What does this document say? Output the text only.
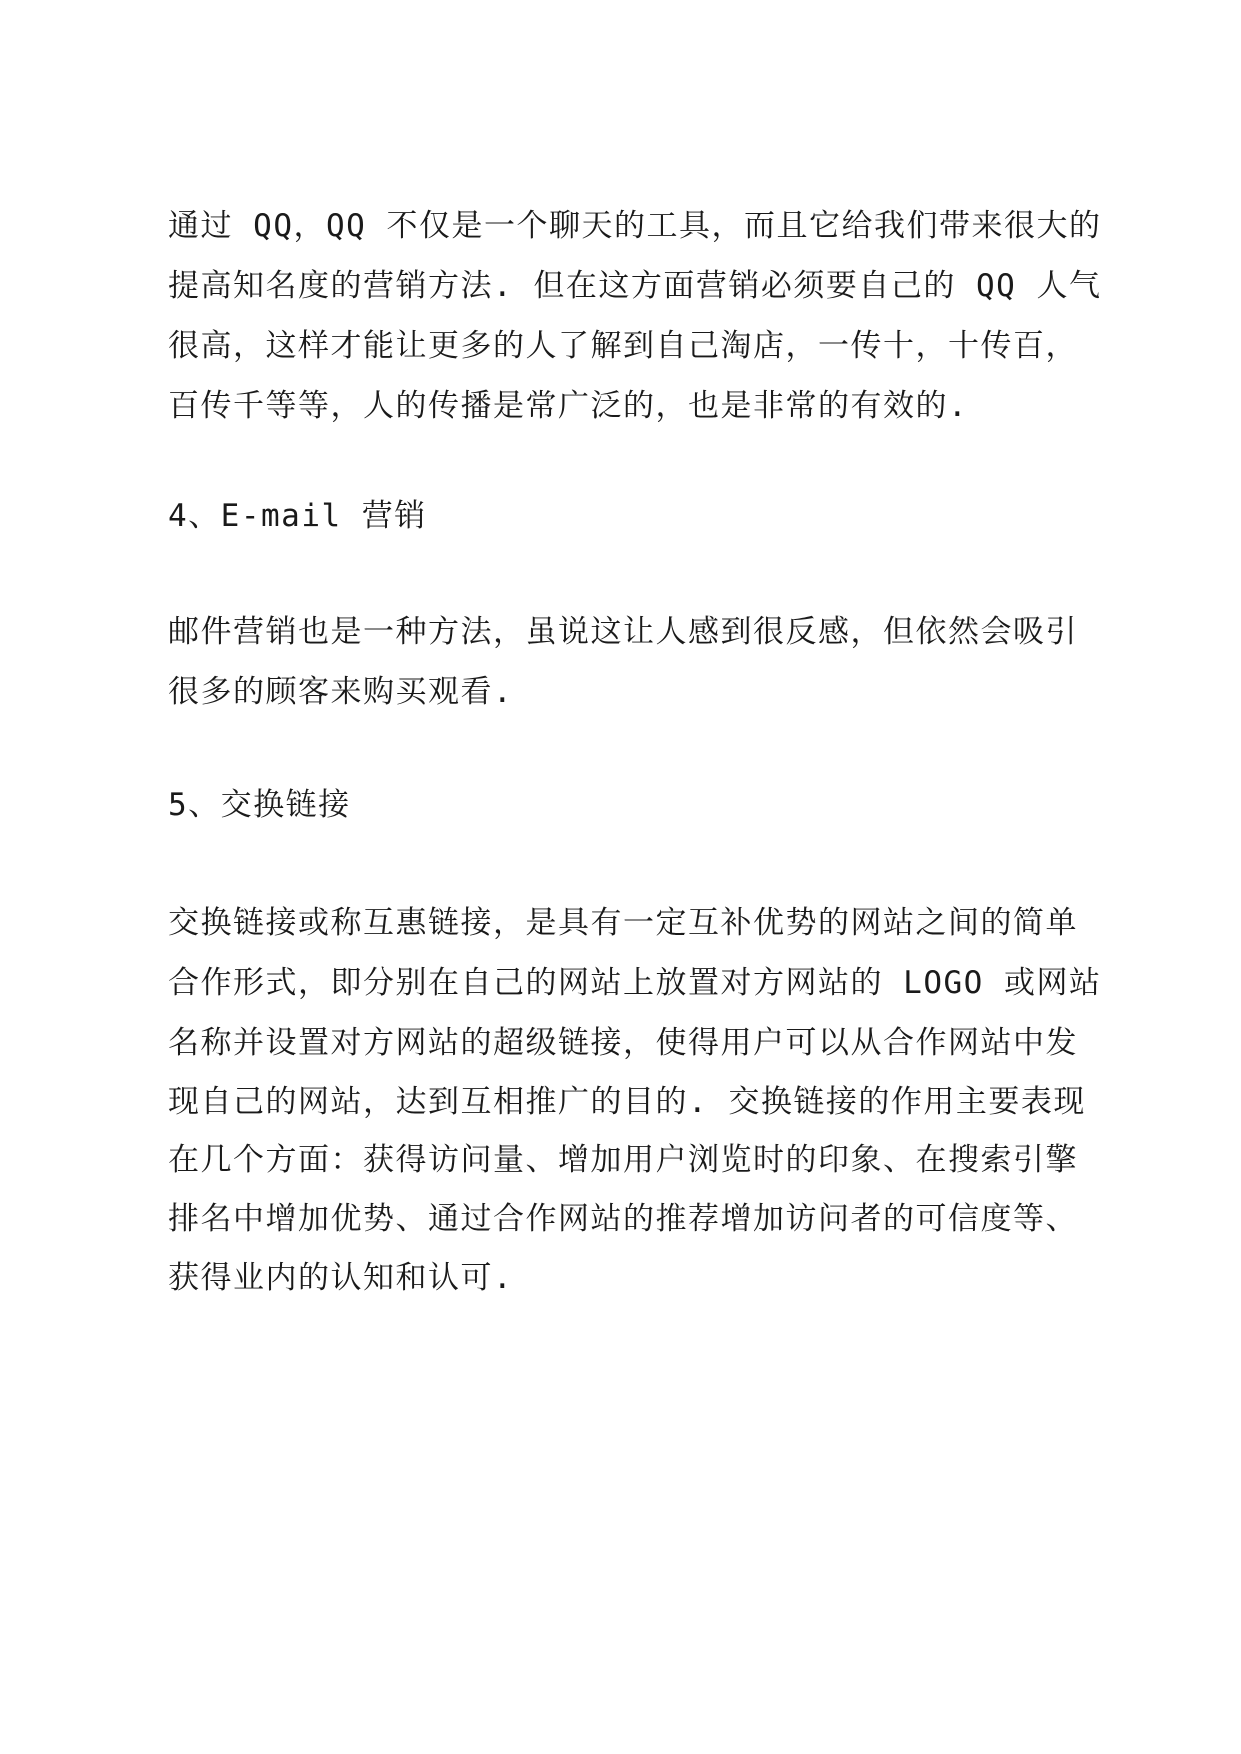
通过 QQ，QQ 不仅是一个聊天的工具，而且它给我们带来很大的

提高知名度的营销方法. 但在这方面营销必须要自己的 QQ 人气

很高，这样才能让更多的人了解到自己淘店，一传十，十传百，

百传千等等，人的传播是常广泛的，也是非常的有效的.

4、E-mail 营销

邮件营销也是一种方法，虽说这让人感到很反感，但依然会吸引

很多的顾客来购买观看.

5、交换链接

交换链接或称互惠链接，是具有一定互补优势的网站之间的简单

合作形式，即分别在自己的网站上放置对方网站的 LOGO 或网站

名称并设置对方网站的超级链接，使得用户可以从合作网站中发

现自己的网站，达到互相推广的目的. 交换链接的作用主要表现

在几个方面：获得访问量、增加用户浏览时的印象、在搜索引擎

排名中增加优势、通过合作网站的推荐增加访问者的可信度等、

获得业内的认知和认可.
